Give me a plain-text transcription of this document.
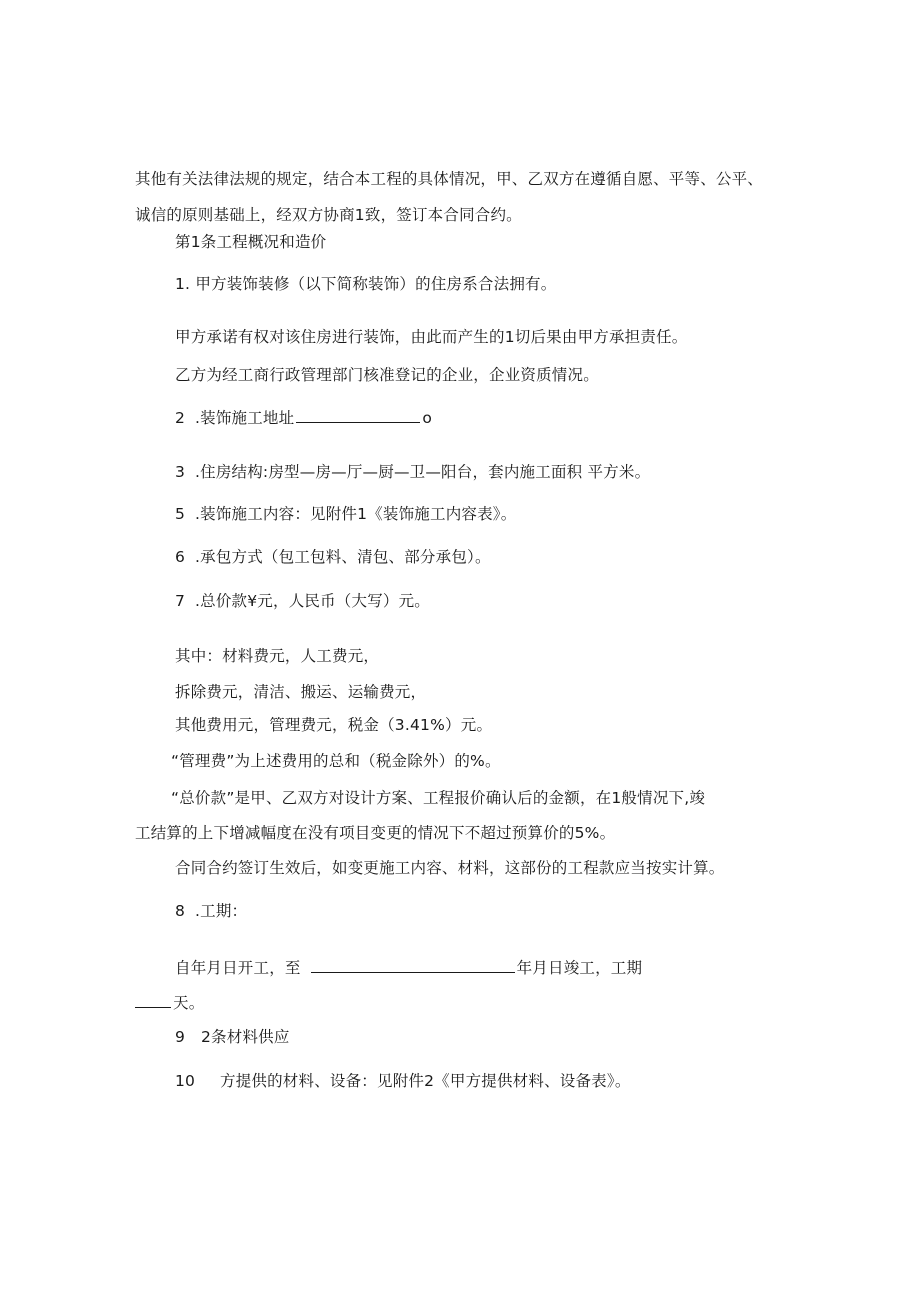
其他有关法律法规的规定，结合本工程的具体情况，甲、乙双方在遵循自愿、平等、公平、
诚信的原则基础上，经双方协商1致，签订本合同合约。
第1条工程概况和造价
1. 甲方装饰装修（以下简称装饰）的住房系合法拥有。
甲方承诺有权对该住房进行装饰，由此而产生的1切后果由甲方承担责任。
乙方为经工商行政管理部门核准登记的企业，企业资质情况。
2 .装饰施工地址	o
3 .住房结构:房型—房—厅—厨—卫—阳台，套内施工面积 平方米。
5 .装饰施工内容：见附件1《装饰施工内容表》。
6 .承包方式（包工包料、清包、部分承包）。
7 .总价款¥元，人民币（大写）元。
其中：材料费元，人工费元，
拆除费元，清洁、搬运、运输费元，
其他费用元，管理费元，税金（3.41%）元。
“管理费”为上述费用的总和（税金除外）的%。
“总价款”是甲、乙双方对设计方案、工程报价确认后的金额，在1般情况下,竣
工结算的上下增减幅度在没有项目变更的情况下不超过预算价的5%。
合同合约签订生效后，如变更施工内容、材料，这部份的工程款应当按实计算。
8 .工期：
自年月日开工，至	年月日竣工，工期
天。
9 2条材料供应
10 方提供的材料、设备：见附件2《甲方提供材料、设备表》。
